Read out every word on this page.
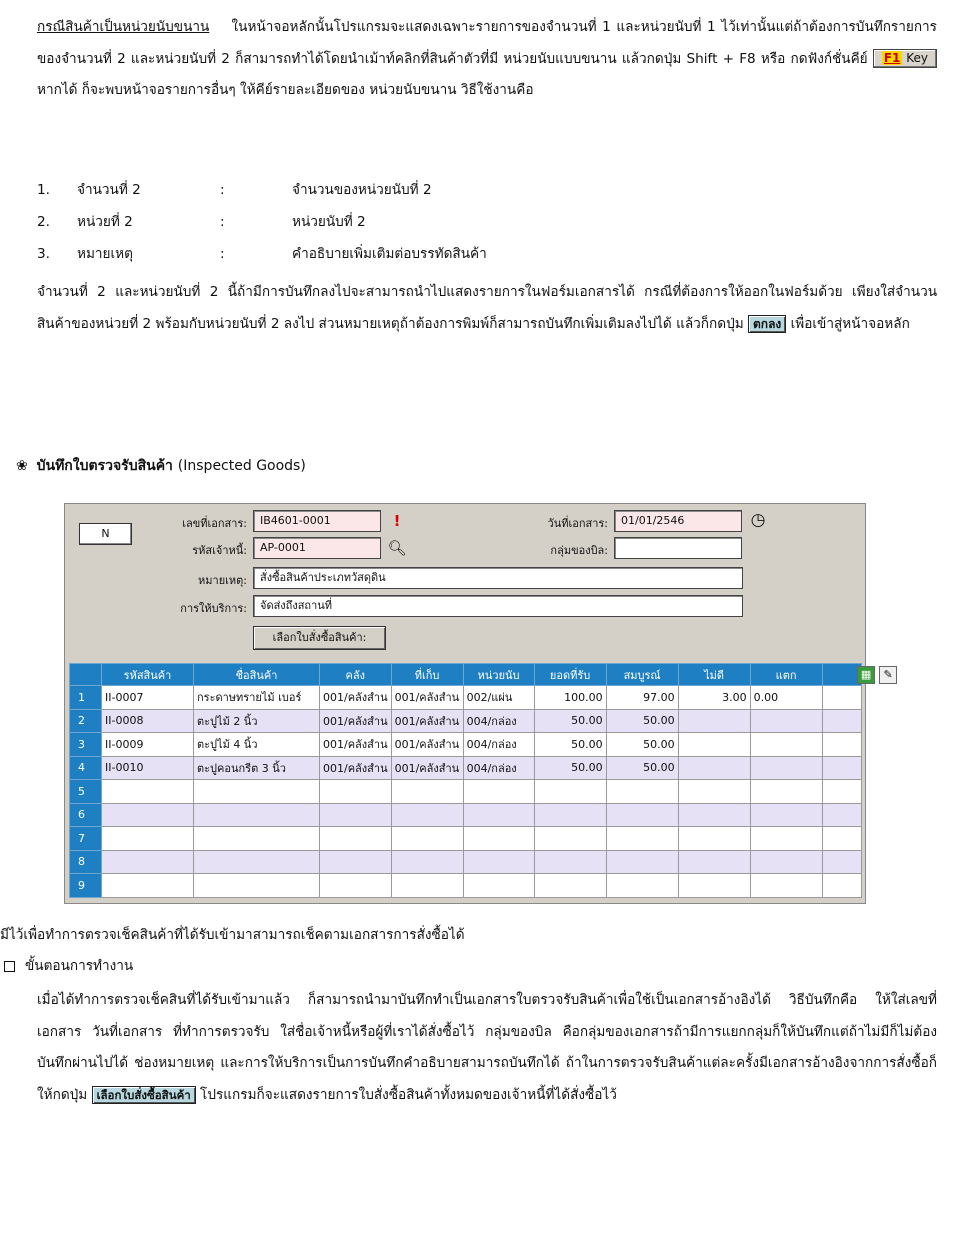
กรณีสินค้าเป็นหน่วยนับขนาน ในหน้าจอหลักนั้นโปรแกรมจะแสดงเฉพาะรายการของจำนวนที่ 1 และหน่วยนับที่ 1 ไว้เท่านั้นแต่ถ้าต้องการบันทึกรายการของจำนวนที่ 2 และหน่วยนับที่ 2 ก็สามารถทำได้โดยนำเม้าท์คลิกที่สินค้าตัวที่มี หน่วยนับแบบขนาน แล้วกดปุ่ม Shift + F8 หรือ กดฟังก์ชั่นคีย์ F1 Key หากได้ ก็จะพบหน้าจอรายการอื่นๆ ให้คีย์รายละเอียดของ หน่วยนับขนาน วิธีใช้งานคือ
1. จำนวนที่ 2	:	จำนวนของหน่วยนับที่ 2
2. หน่วยที่ 2	:	หน่วยนับที่ 2
3. หมายเหตุ	:	คำอธิบายเพิ่มเติมต่อบรรทัดสินค้า
จำนวนที่ 2 และหน่วยนับที่ 2 นี้ถ้ามีการบันทึกลงไปจะสามารถนำไปแสดงรายการในฟอร์มเอกสารได้ กรณีที่ต้องการให้ออกในฟอร์มด้วย เพียงใส่จำนวนสินค้าของหน่วยที่ 2 พร้อมกับหน่วยนับที่ 2 ลงไป ส่วนหมายเหตุถ้าต้องการพิมพ์ก็สามารถบันทึกเพิ่มเติมลงไปได้ แล้วก็กดปุ่ม ตกลง เพื่อเข้าสู่หน้าจอหลัก
❀ บันทึกใบตรวจรับสินค้า (Inspected Goods)
N
เลขที่เอกสาร:	IB4601-0001	!
รหัสเจ้าหนี้:	AP-0001	🔍︎
หมายเหตุ:	สั่งซื้อสินค้าประเภทวัสดุดิน
การให้บริการ:	จัดส่งถึงสถานที่
วันที่เอกสาร:	01/01/2546	◷
กลุ่มของบิล:
เลือกใบสั่งซื้อสินค้า:
	รหัสสินค้า	ชื่อสินค้า	คลัง	ที่เก็บ	หน่วยนับ	ยอดที่รับ	สมบูรณ์	ไม่ดี	แตก	
1	II-0007	กระดาษทรายไม้ เบอร์	001/คลังสำน	001/คลังสำน	002/แผ่น	100.00	97.00	3.00	0.00	▦ ✎

2	II-0008	ตะปูไม้ 2 นิ้ว	001/คลังสำน	001/คลังสำน	004/กล่อง	50.00	50.00			
3	II-0009	ตะปูไม้ 4 นิ้ว	001/คลังสำน	001/คลังสำน	004/กล่อง	50.00	50.00			
4	II-0010	ตะปูคอนกรีต 3 นิ้ว	001/คลังสำน	001/คลังสำน	004/กล่อง	50.00	50.00			
5										
6										
7										
8										
9										
มีไว้เพื่อทำการตรวจเช็คสินค้าที่ได้รับเข้ามาสามารถเช็คตามเอกสารการสั่งซื้อได้
ขั้นตอนการทำงาน
เมื่อได้ทำการตรวจเช็คสินที่ได้รับเข้ามาแล้ว ก็สามารถนำมาบันทึกทำเป็นเอกสารใบตรวจรับสินค้าเพื่อใช้เป็นเอกสารอ้างอิงได้ วิธีบันทึกคือ ให้ใส่เลขที่เอกสาร วันที่เอกสาร ที่ทำการตรวจรับ ใส่ชื่อเจ้าหนี้หรือผู้ที่เราได้สั่งซื้อไว้ กลุ่มของบิล คือกลุ่มของเอกสารถ้ามีการแยกกลุ่มก็ให้บันทึกแต่ถ้าไม่มีก็ไม่ต้องบันทึกผ่านไปได้ ช่องหมายเหตุ และการให้บริการเป็นการบันทึกคำอธิบายสามารถบันทึกได้ ถ้าในการตรวจรับสินค้าแต่ละครั้งมีเอกสารอ้างอิงจากการสั่งซื้อก็ให้กดปุ่ม เลือกใบสั่งซื้อสินค้า โปรแกรมก็จะแสดงรายการใบสั่งซื้อสินค้าทั้งหมดของเจ้าหนี้ที่ได้สั่งซื้อไว้
